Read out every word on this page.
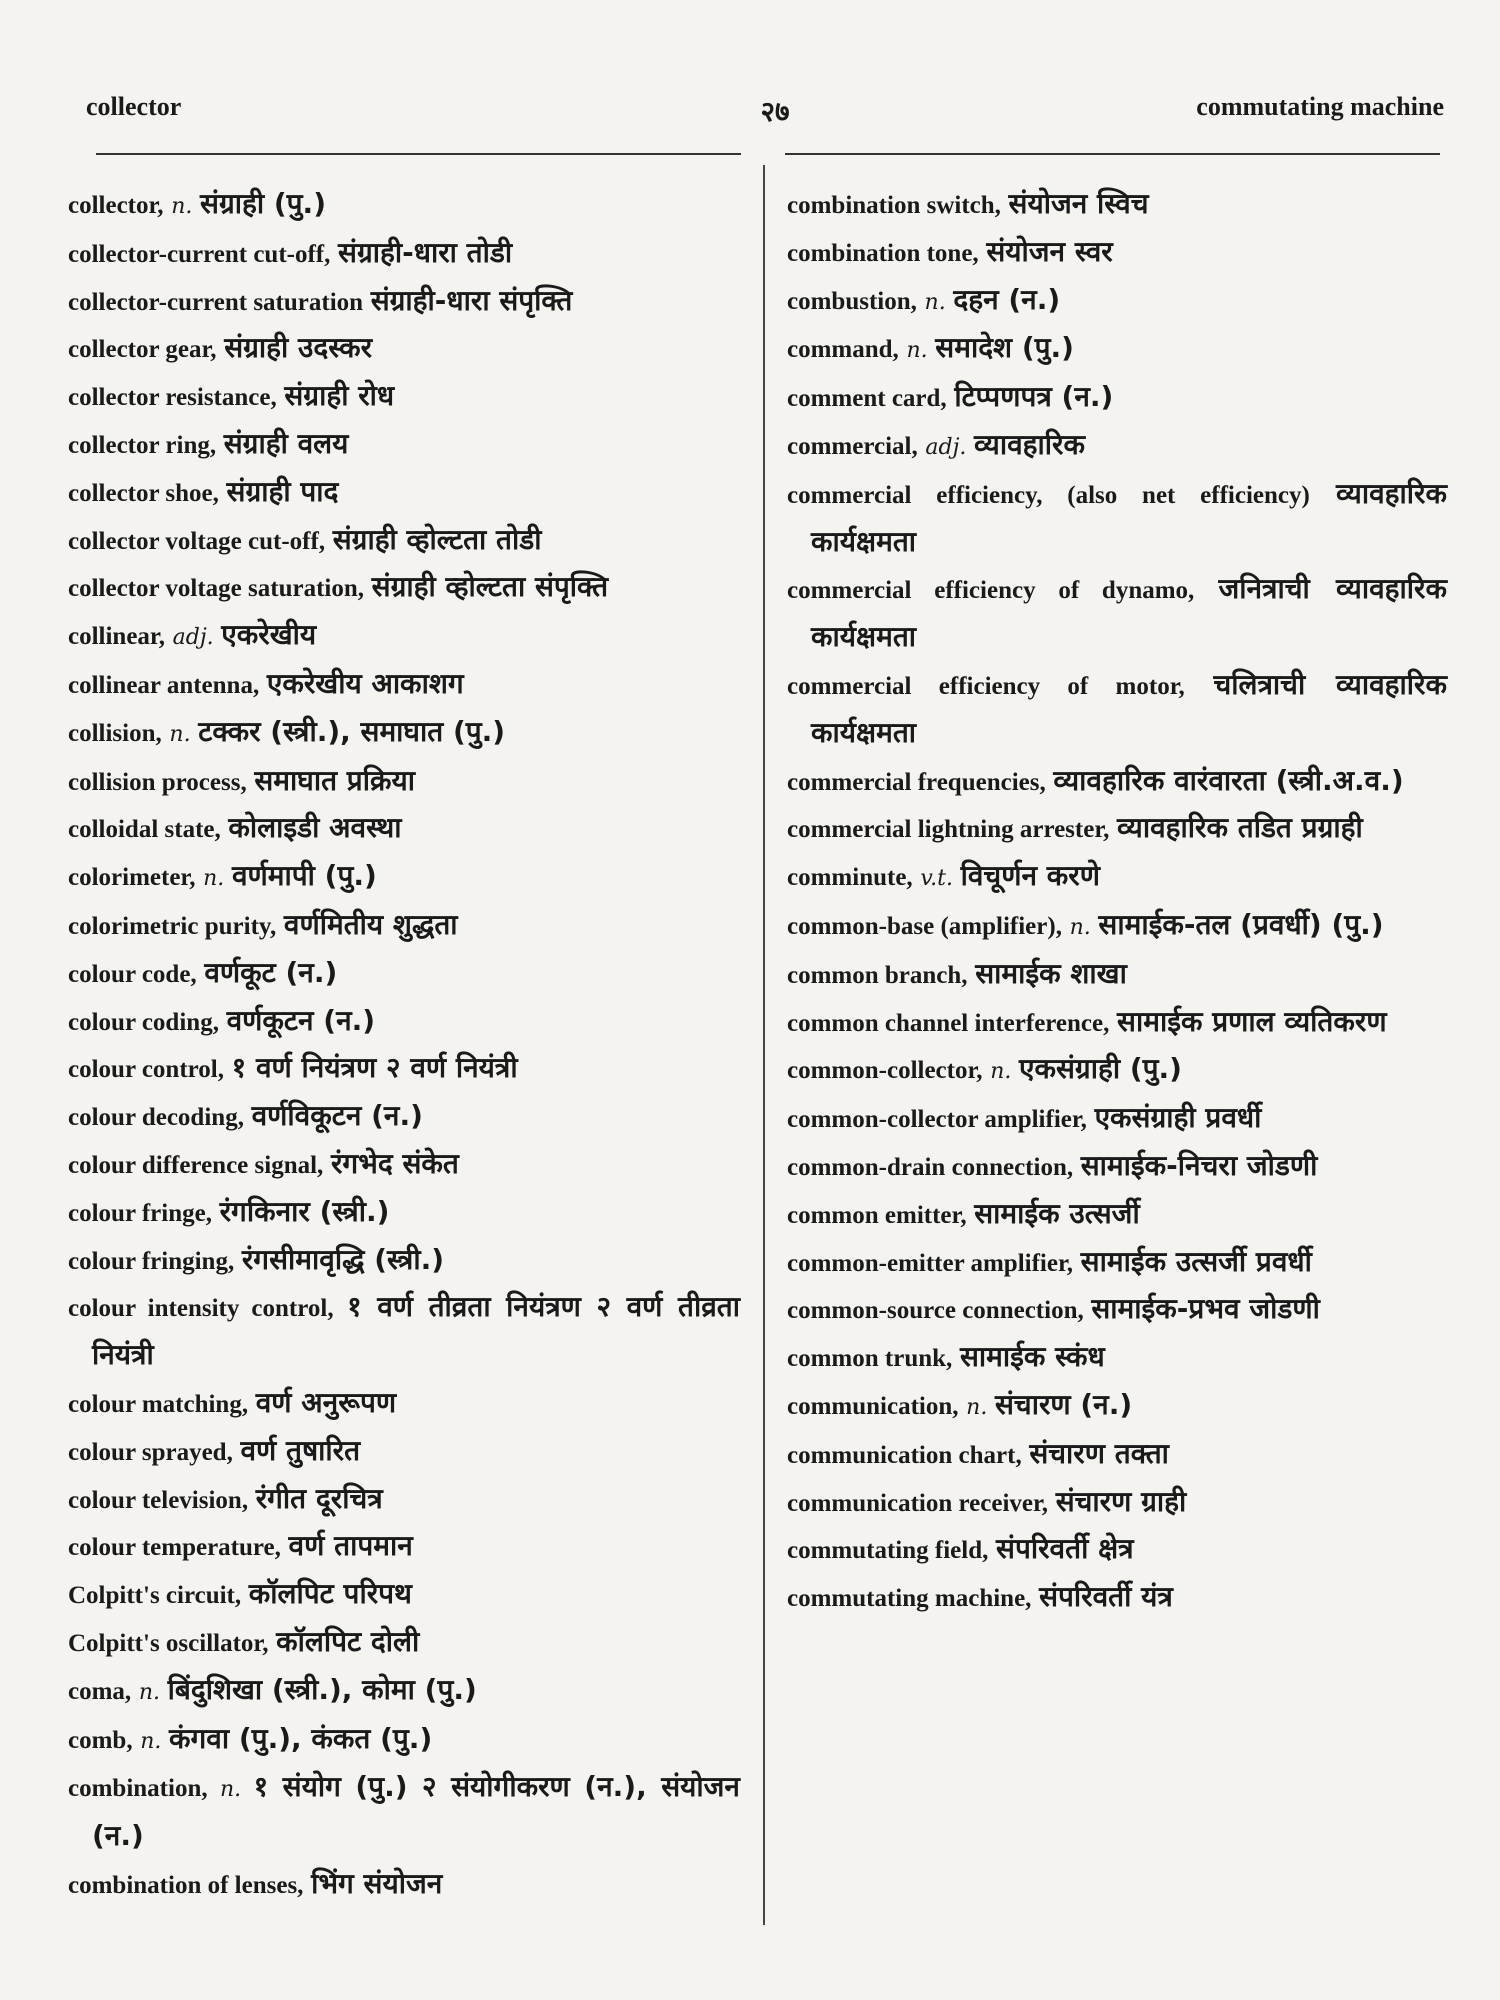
collector	२७	commutating machine
collector, n. संग्राही (पु.)
collector-current cut-off, संग्राही-धारा तोडी
collector-current saturation संग्राही-धारा संपृक्ति
collector gear, संग्राही उदस्कर
collector resistance, संग्राही रोध
collector ring, संग्राही वलय
collector shoe, संग्राही पाद
collector voltage cut-off, संग्राही व्होल्टता तोडी
collector voltage saturation, संग्राही व्होल्टता संपृक्ति
collinear, adj. एकरेखीय
collinear antenna, एकरेखीय आकाशग
collision, n. टक्कर (स्त्री.), समाघात (पु.)
collision process, समाघात प्रक्रिया
colloidal state, कोलाइडी अवस्था
colorimeter, n. वर्णमापी (पु.)
colorimetric purity, वर्णमितीय शुद्धता
colour code, वर्णकूट (न.)
colour coding, वर्णकूटन (न.)
colour control, १ वर्ण नियंत्रण २ वर्ण नियंत्री
colour decoding, वर्णविकूटन (न.)
colour difference signal, रंगभेद संकेत
colour fringe, रंगकिनार (स्त्री.)
colour fringing, रंगसीमावृद्धि (स्त्री.)
colour intensity control, १ वर्ण तीव्रता नियंत्रण २ वर्ण तीव्रता नियंत्री
colour matching, वर्ण अनुरूपण
colour sprayed, वर्ण तुषारित
colour television, रंगीत दूरचित्र
colour temperature, वर्ण तापमान
Colpitt's circuit, कॉलपिट परिपथ
Colpitt's oscillator, कॉलपिट दोली
coma, n. बिंदुशिखा (स्त्री.), कोमा (पु.)
comb, n. कंगवा (पु.), कंकत (पु.)
combination, n. १ संयोग (पु.) २ संयोगीकरण (न.), संयोजन (न.)
combination of lenses, भिंग संयोजन
combination switch, संयोजन स्विच
combination tone, संयोजन स्वर
combustion, n. दहन (न.)
command, n. समादेश (पु.)
comment card, टिप्पणपत्र (न.)
commercial, adj. व्यावहारिक
commercial efficiency, (also net efficiency) व्यावहारिक कार्यक्षमता
commercial efficiency of dynamo, जनित्राची व्यावहारिक कार्यक्षमता
commercial efficiency of motor, चलित्राची व्यावहारिक कार्यक्षमता
commercial frequencies, व्यावहारिक वारंवारता (स्त्री.अ.व.)
commercial lightning arrester, व्यावहारिक तडित प्रग्राही
comminute, v.t. विचूर्णन करणे
common-base (amplifier), n. सामाईक-तल (प्रवर्धी) (पु.)
common branch, सामाईक शाखा
common channel interference, सामाईक प्रणाल व्यतिकरण
common-collector, n. एकसंग्राही (पु.)
common-collector amplifier, एकसंग्राही प्रवर्धी
common-drain connection, सामाईक-निचरा जोडणी
common emitter, सामाईक उत्सर्जी
common-emitter amplifier, सामाईक उत्सर्जी प्रवर्धी
common-source connection, सामाईक-प्रभव जोडणी
common trunk, सामाईक स्कंध
communication, n. संचारण (न.)
communication chart, संचारण तक्ता
communication receiver, संचारण ग्राही
commutating field, संपरिवर्ती क्षेत्र
commutating machine, संपरिवर्ती यंत्र
